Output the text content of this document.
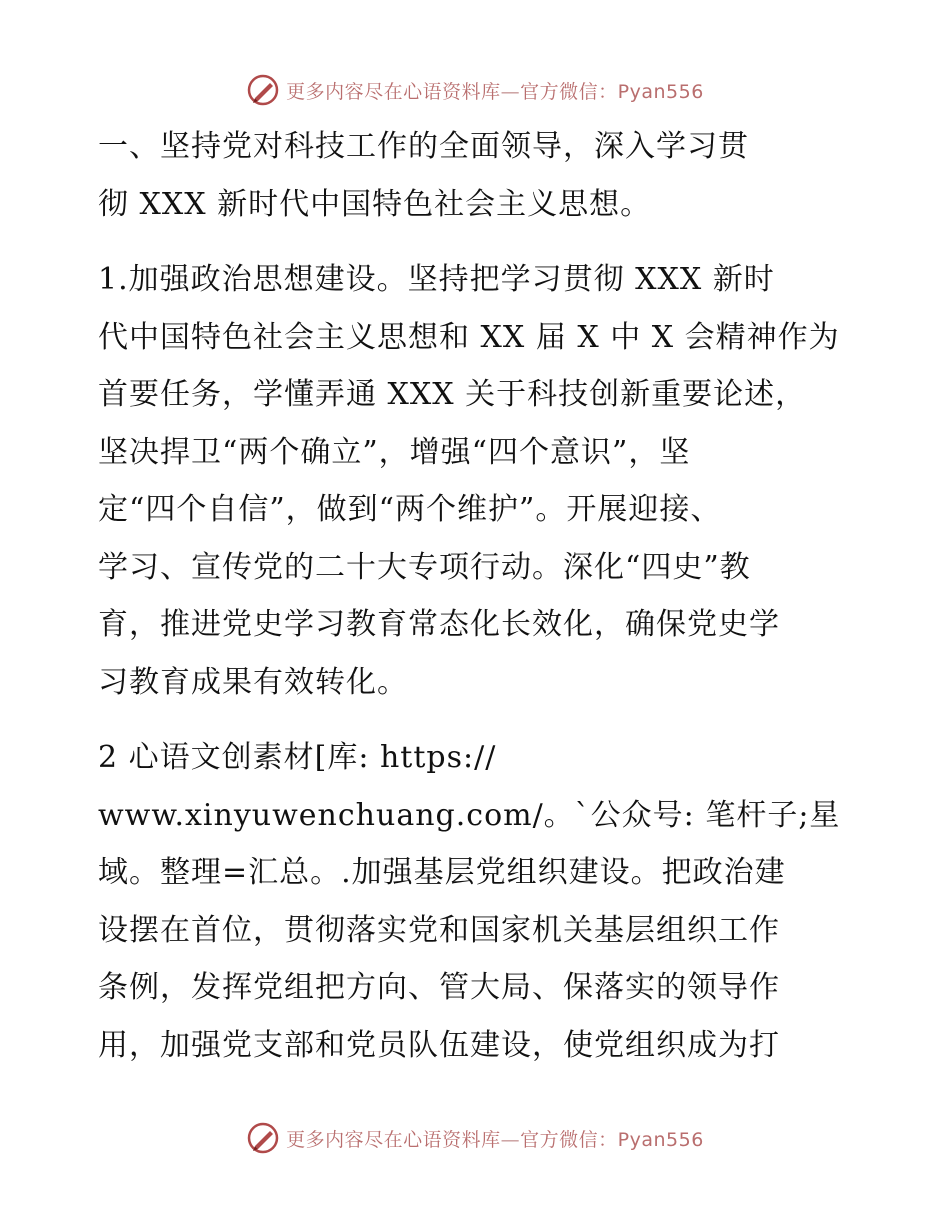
更多内容尽在心语资料库—官方微信：Pyan556

一、坚持党对科技工作的全面领导，深入学习贯
彻 XXX 新时代中国特色社会主义思想。

1.加强政治思想建设。坚持把学习贯彻 XXX 新时
代中国特色社会主义思想和 XX 届 X 中 X 会精神作为
首要任务，学懂弄通 XXX 关于科技创新重要论述，
坚决捍卫“两个确立”，增强“四个意识”，坚
定“四个自信”，做到“两个维护”。开展迎接、
学习、宣传党的二十大专项行动。深化“四史”教
育，推进党史学习教育常态化长效化，确保党史学
习教育成果有效转化。

2 心语文创素材[库: https://
www.xinyuwenchuang.com/。`公众号: 笔杆子;星
域。整理=汇总。.加强基层党组织建设。把政治建
设摆在首位，贯彻落实党和国家机关基层组织工作
条例，发挥党组把方向、管大局、保落实的领导作
用，加强党支部和党员队伍建设，使党组织成为打

更多内容尽在心语资料库—官方微信：Pyan556
